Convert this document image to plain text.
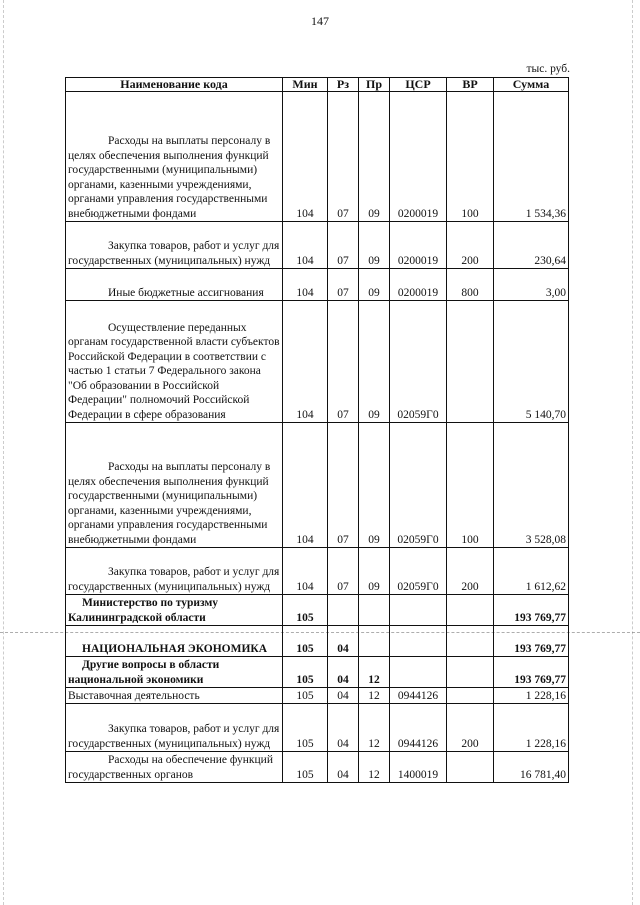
147
тыс. руб.
Наименование кода	Мин	Рз	Пр	ЦСР	ВР	Сумма
Расходы на выплаты персоналу в целях обеспечения выполнения функций государственными (муниципальными) органами, казенными учреждениями, органами управления государственными внебюджетными фондами	104	07	09	0200019	100	1 534,36
Закупка товаров, работ и услуг для государственных (муниципальных) нужд	104	07	09	0200019	200	230,64
Иные бюджетные ассигнования	104	07	09	0200019	800	3,00
Осуществление переданных органам государственной власти субъектов Российской Федерации в соответствии с частью 1 статьи 7 Федерального закона "Об образовании в Российской Федерации" полномочий Российской Федерации в сфере образования	104	07	09	02059Г0		5 140,70
Расходы на выплаты персоналу в целях обеспечения выполнения функций государственными (муниципальными) органами, казенными учреждениями, органами управления государственными внебюджетными фондами	104	07	09	02059Г0	100	3 528,08
Закупка товаров, работ и услуг для государственных (муниципальных) нужд	104	07	09	02059Г0	200	1 612,62
Министерство по туризму Калининградской области	105					193 769,77
НАЦИОНАЛЬНАЯ ЭКОНОМИКА	105	04				193 769,77
Другие вопросы в области национальной экономики	105	04	12			193 769,77
Выставочная деятельность	105	04	12	0944126		1 228,16
Закупка товаров, работ и услуг для государственных (муниципальных) нужд	105	04	12	0944126	200	1 228,16
Расходы на обеспечение функций государственных органов	105	04	12	1400019		16 781,40
